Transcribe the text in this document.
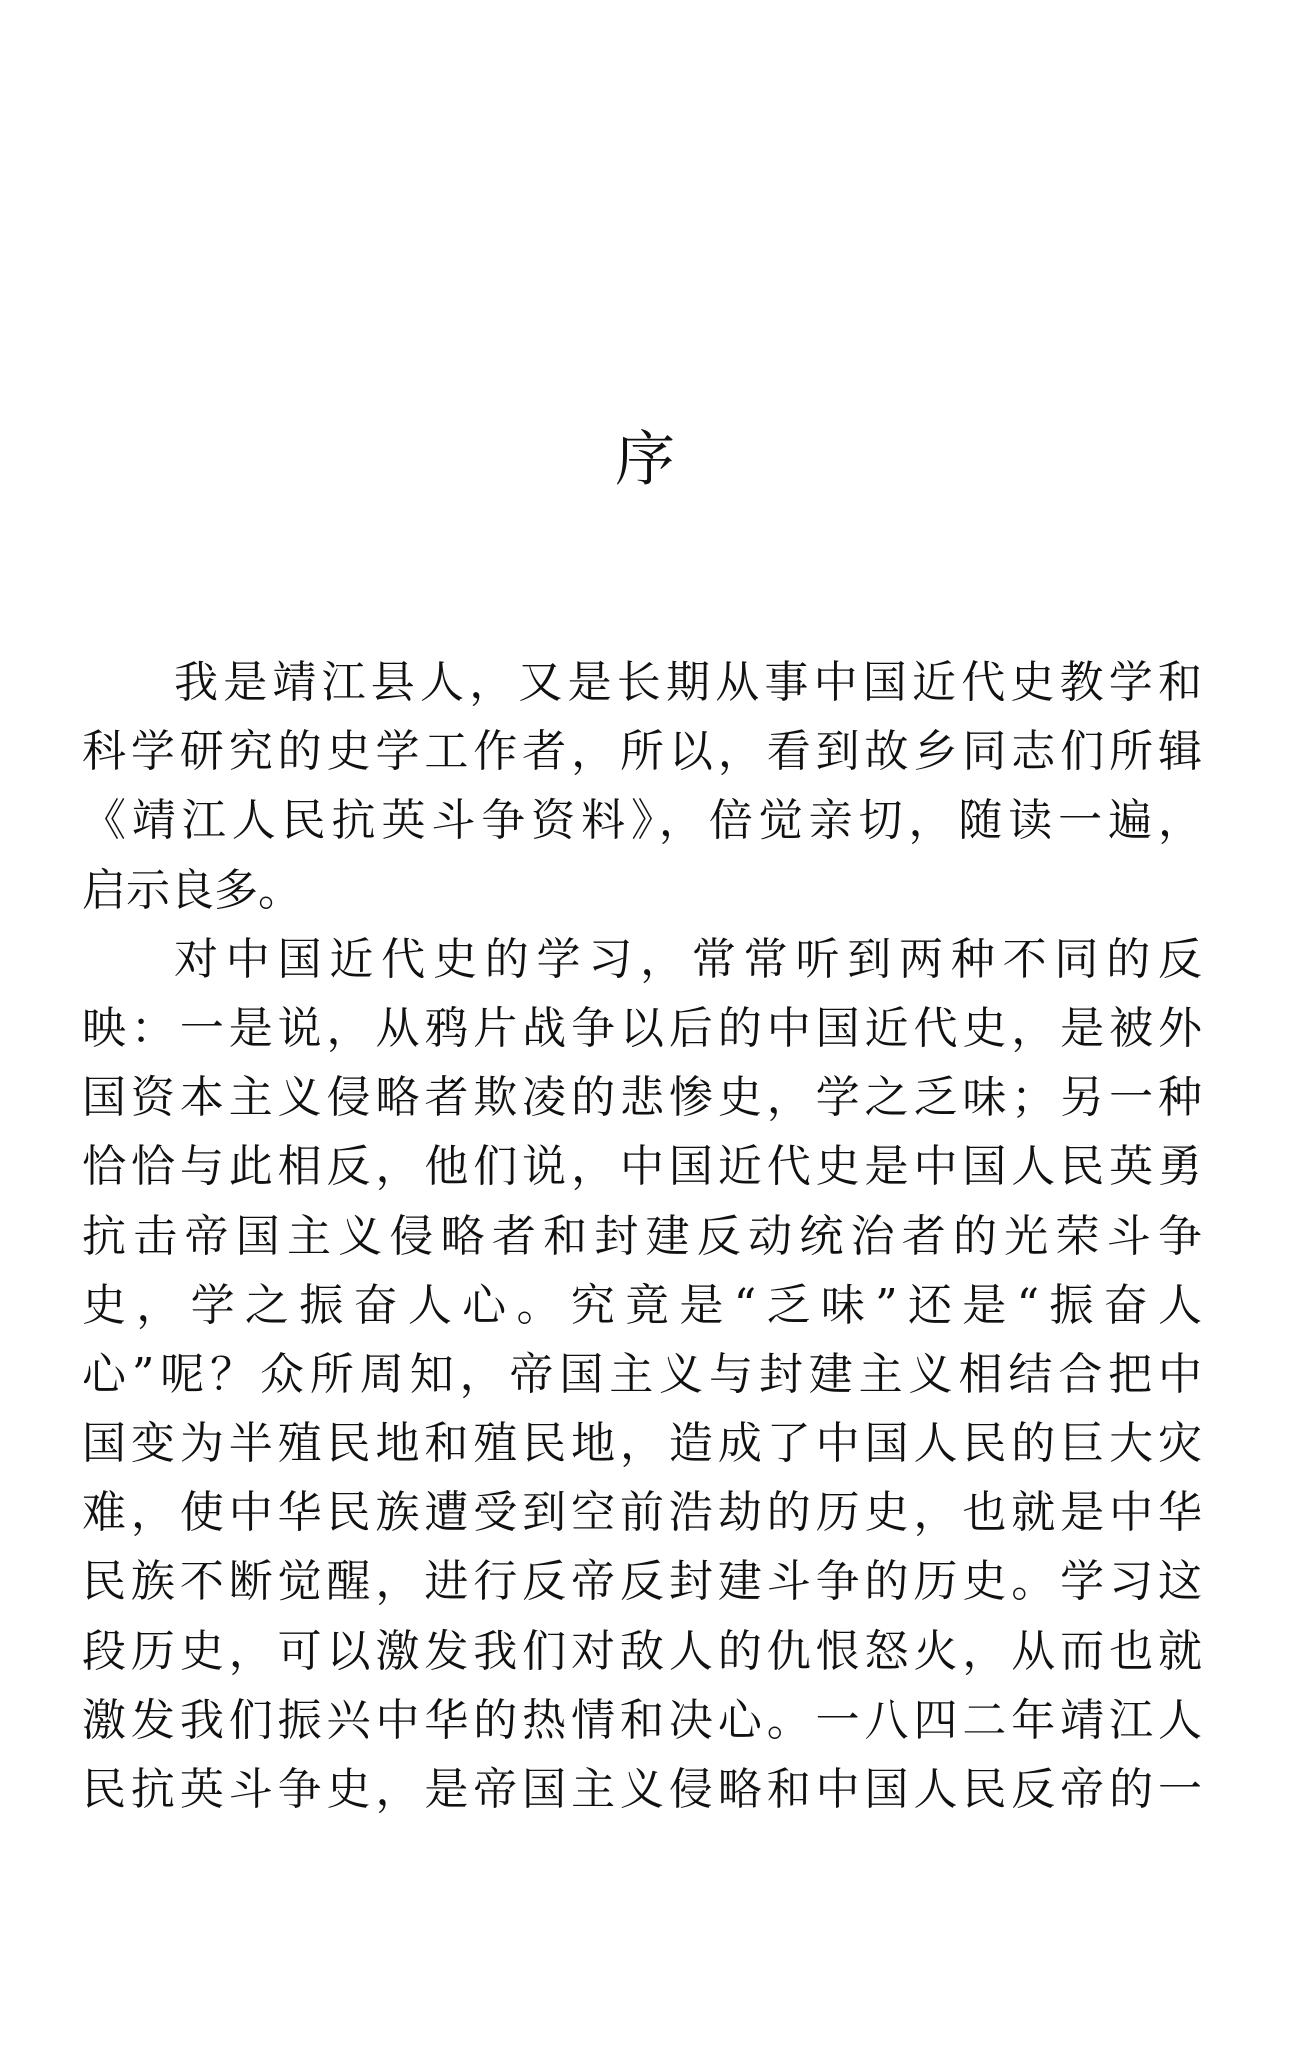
序
我是靖江县人，又是长期从事中国近代史教学和
科学研究的史学工作者，所以，看到故乡同志们所辑
《靖江人民抗英斗争资料》，倍觉亲切，随读一遍，
启示良多。
对中国近代史的学习，常常听到两种不同的反
映：一是说，从鸦片战争以后的中国近代史，是被外
国资本主义侵略者欺凌的悲惨史，学之乏味；另一种
恰恰与此相反，他们说，中国近代史是中国人民英勇
抗击帝国主义侵略者和封建反动统治者的光荣斗争
史，学之振奋人心。究竟是“乏味”还是“振奋人
心”呢？众所周知，帝国主义与封建主义相结合把中
国变为半殖民地和殖民地，造成了中国人民的巨大灾
难，使中华民族遭受到空前浩劫的历史，也就是中华
民族不断觉醒，进行反帝反封建斗争的历史。学习这
段历史，可以激发我们对敌人的仇恨怒火，从而也就
激发我们振兴中华的热情和决心。一八四二年靖江人
民抗英斗争史，是帝国主义侵略和中国人民反帝的一
